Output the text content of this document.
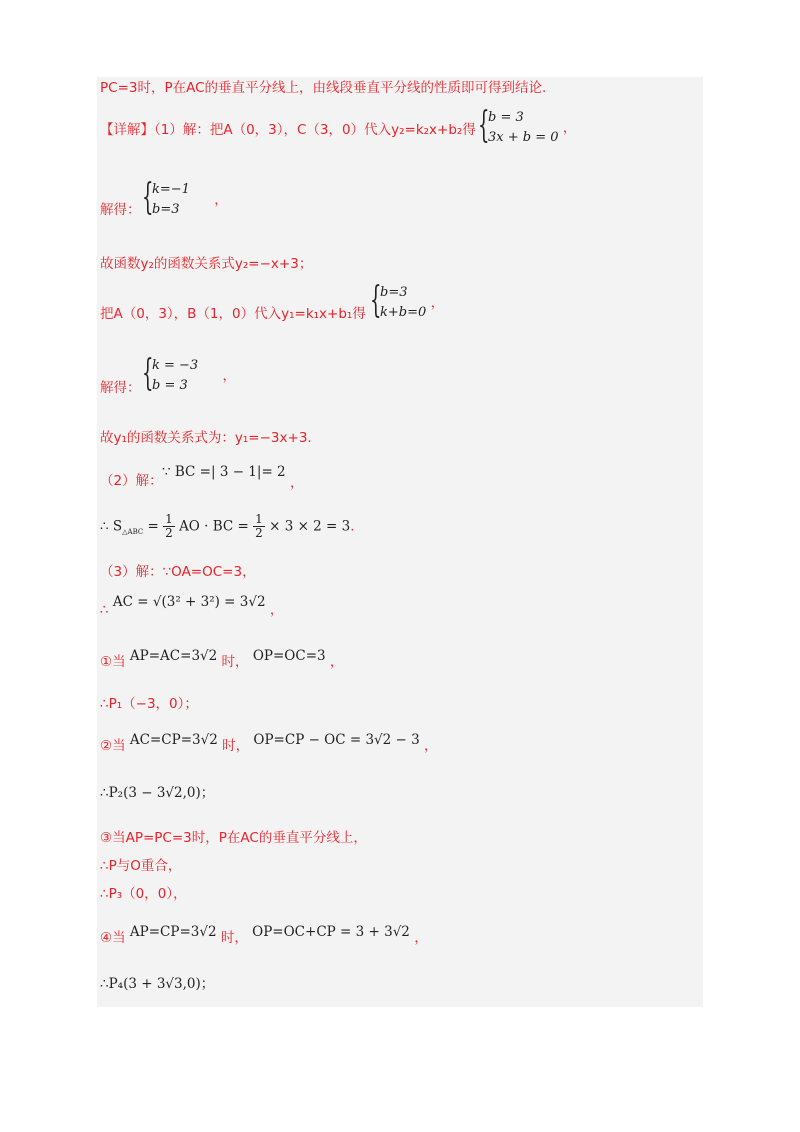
PC=3时，P在AC的垂直平分线上，由线段垂直平分线的性质即可得到结论.
【详解】（1）解：把A（0，3），C（3，0）代入y₂=k₂x+b₂得
{ b = 3
3x + b = 0
，
解得：
{ k=−1
b=3
，
故函数y₂的函数关系式y₂=−x+3；
把A（0，3），B（1，0）代入y₁=k₁x+b₁得
{ b=3
k+b=0
，
解得：
{ k = −3
b = 3
，
故y₁的函数关系式为：y₁=−3x+3.
（2）解：
∵ BC =| 3 − 1|= 2 ，
∴ $S_{\triangle ABC} = \frac{1}{2}$ AO · BC = $\frac{1}{2} \times 3 \times 2 = 3$.
（3）解：∵OA=OC=3，
∴ AC = √(3² + 3²) = 3√2 ，
①当 AP=AC=3√2 时， OP=OC=3 ，
∴P₁（−3，0）；
②当 AC=CP=3√2 时， OP=CP − OC = 3√2 − 3 ，
∴P₂(3 − 3√2,0)；
③当AP=PC=3时，P在AC的垂直平分线上，
∴P与O重合，
∴P₃（0，0），
④当 AP=CP=3√2 时， OP=OC+CP = 3 + 3√2 ，
∴P₄(3 + 3√3,0)；
